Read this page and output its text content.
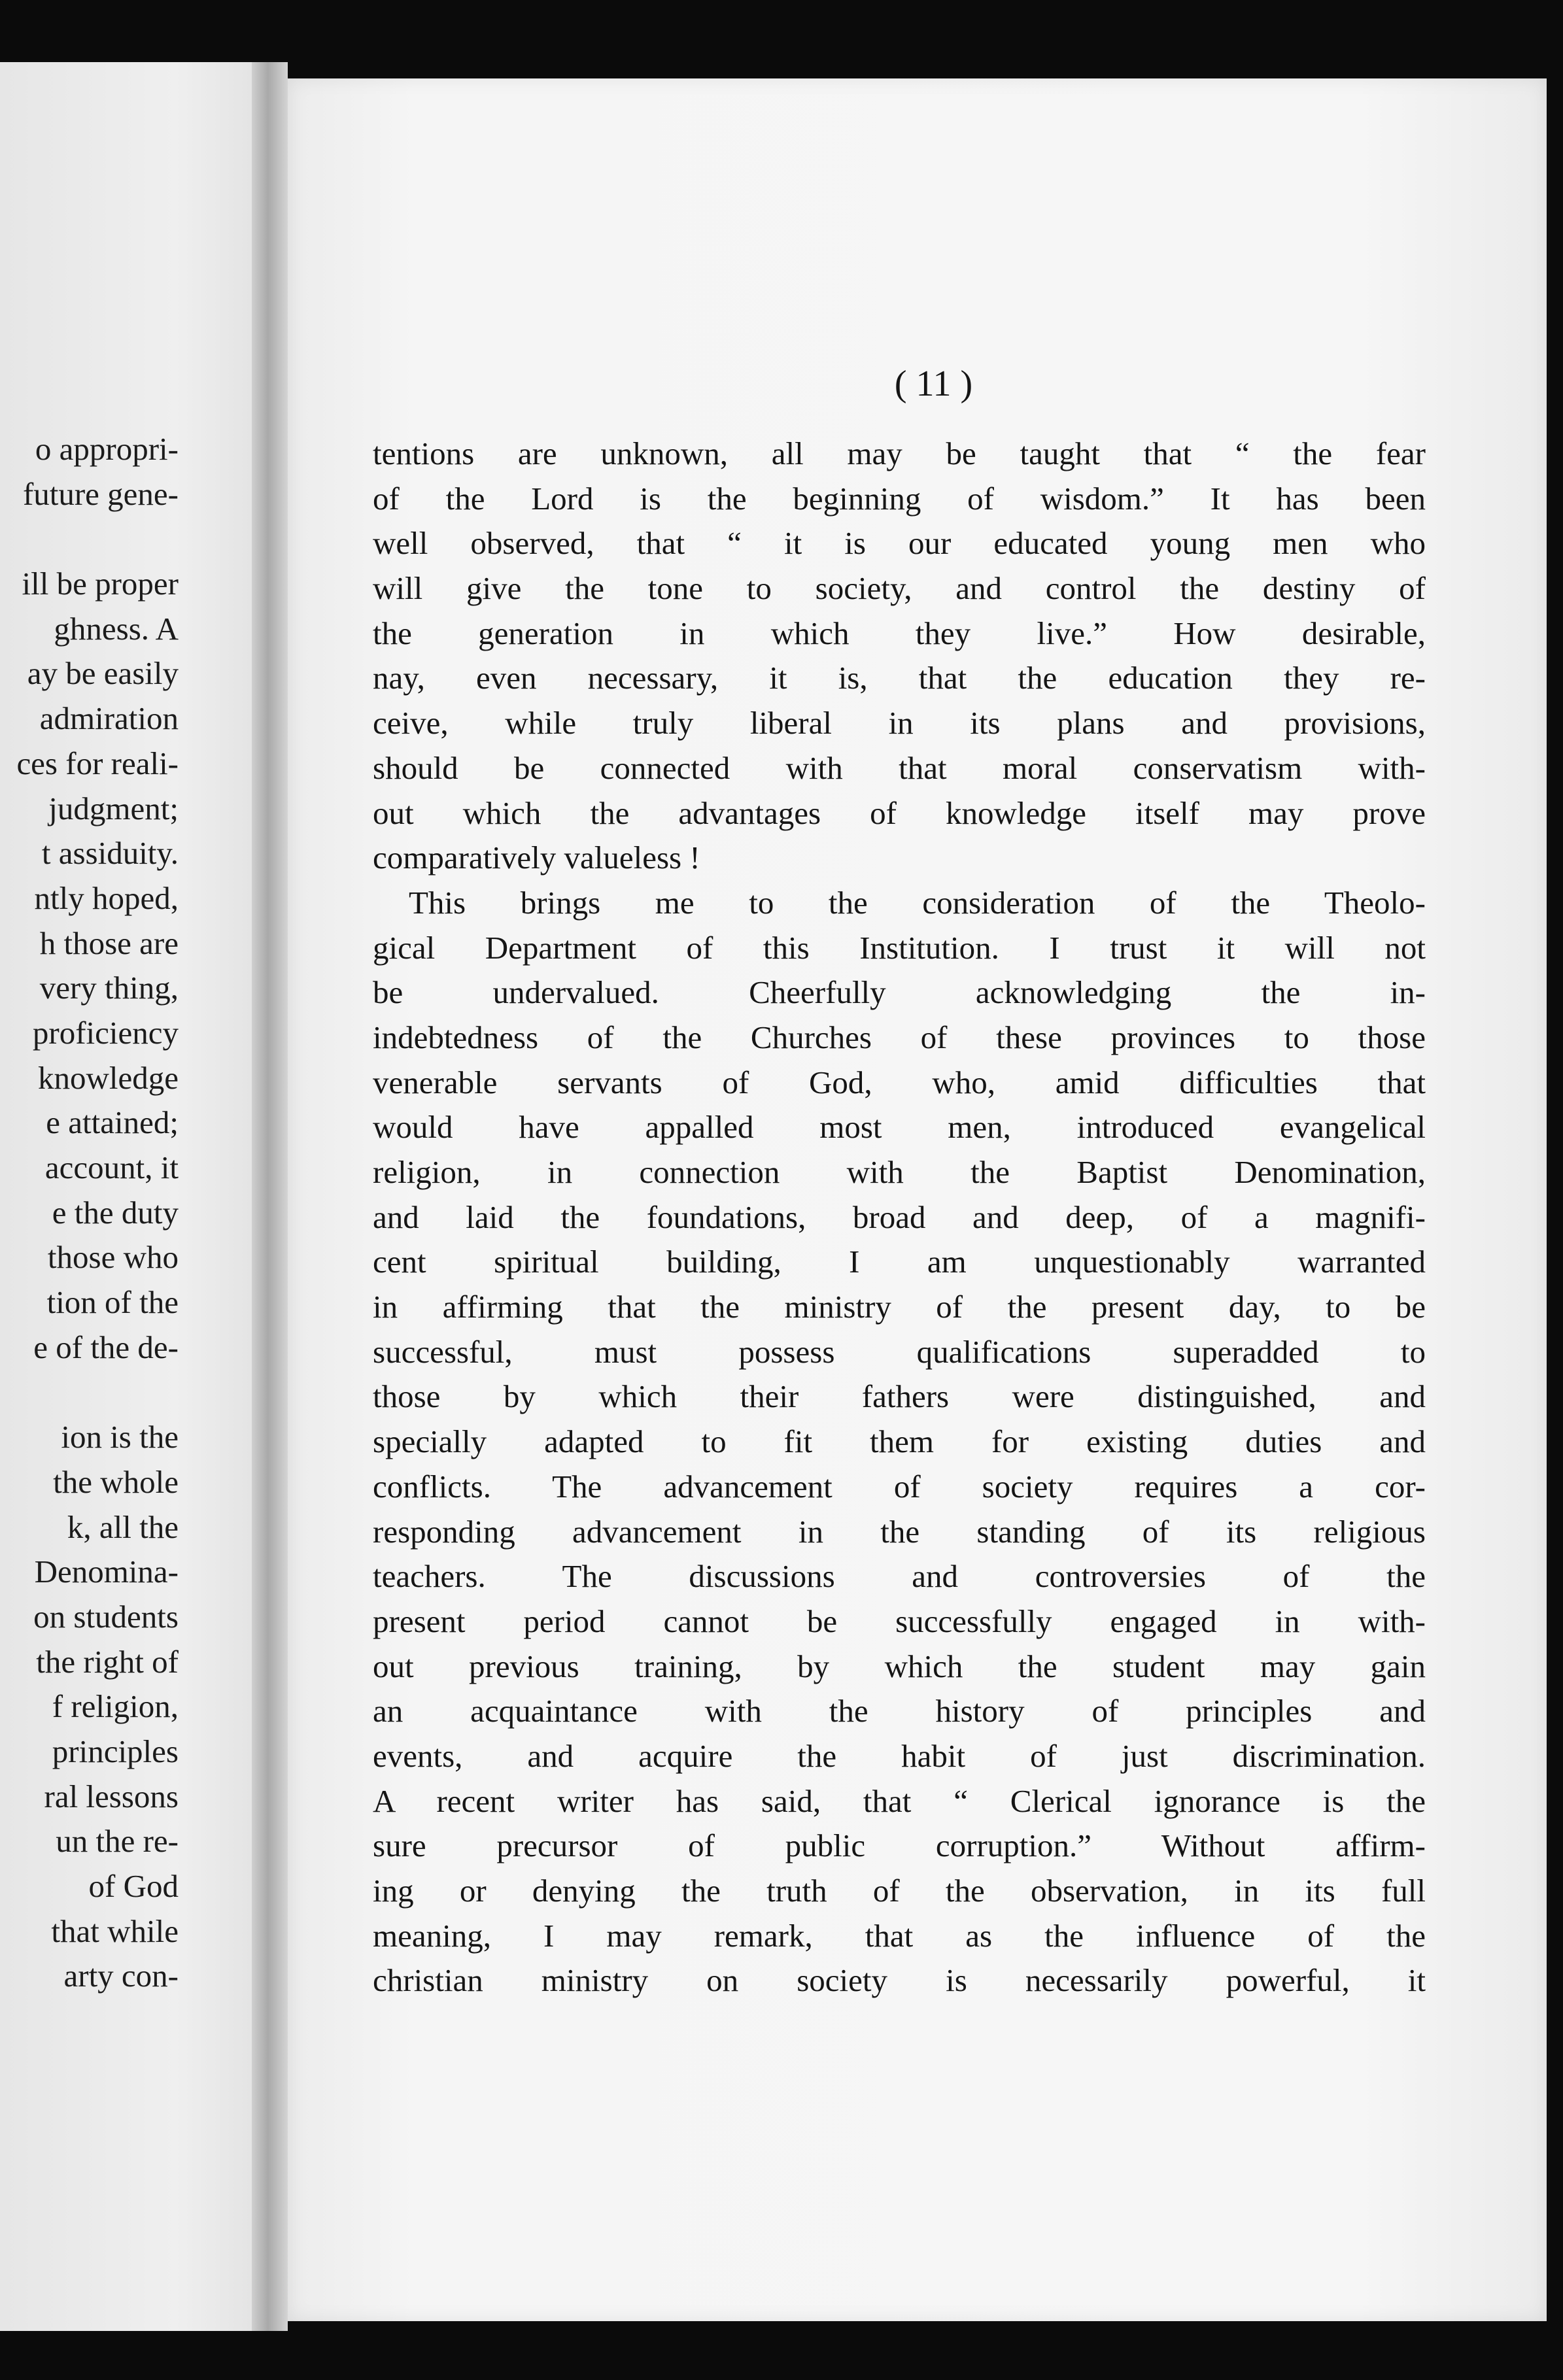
o appropri-
future gene-
ill be proper
ghness. A
ay be easily
admiration
ces for reali-
judgment;
t assiduity.
ntly hoped,
h those are
very thing,
proficiency
knowledge
e attained;
account, it
e the duty
those who
tion of the
e of the de-
ion is the
the whole
k, all the
Denomina-
on students
the right of
f religion,
principles
ral lessons
un the re-
of God
that while
arty con-
( 11 )
tentions are unknown, all may be taught that “ the fear
of the Lord is the beginning of wisdom.” It has been
well observed, that “ it is our educated young men who
will give the tone to society, and control the destiny of
the generation in which they live.” How desirable,
nay, even necessary, it is, that the education they re-
ceive, while truly liberal in its plans and provisions,
should be connected with that moral conservatism with-
out which the advantages of knowledge itself may prove
comparatively valueless !
This brings me to the consideration of the Theolo-
gical Department of this Institution. I trust it will not
be undervalued. Cheerfully acknowledging the in-
indebtedness of the Churches of these provinces to those
venerable servants of God, who, amid difficulties that
would have appalled most men, introduced evangelical
religion, in connection with the Baptist Denomination,
and laid the foundations, broad and deep, of a magnifi-
cent spiritual building, I am unquestionably warranted
in affirming that the ministry of the present day, to be
successful, must possess qualifications superadded to
those by which their fathers were distinguished, and
specially adapted to fit them for existing duties and
conflicts. The advancement of society requires a cor-
responding advancement in the standing of its religious
teachers. The discussions and controversies of the
present period cannot be successfully engaged in with-
out previous training, by which the student may gain
an acquaintance with the history of principles and
events, and acquire the habit of just discrimination.
A recent writer has said, that “ Clerical ignorance is the
sure precursor of public corruption.” Without affirm-
ing or denying the truth of the observation, in its full
meaning, I may remark, that as the influence of the
christian ministry on society is necessarily powerful, it
